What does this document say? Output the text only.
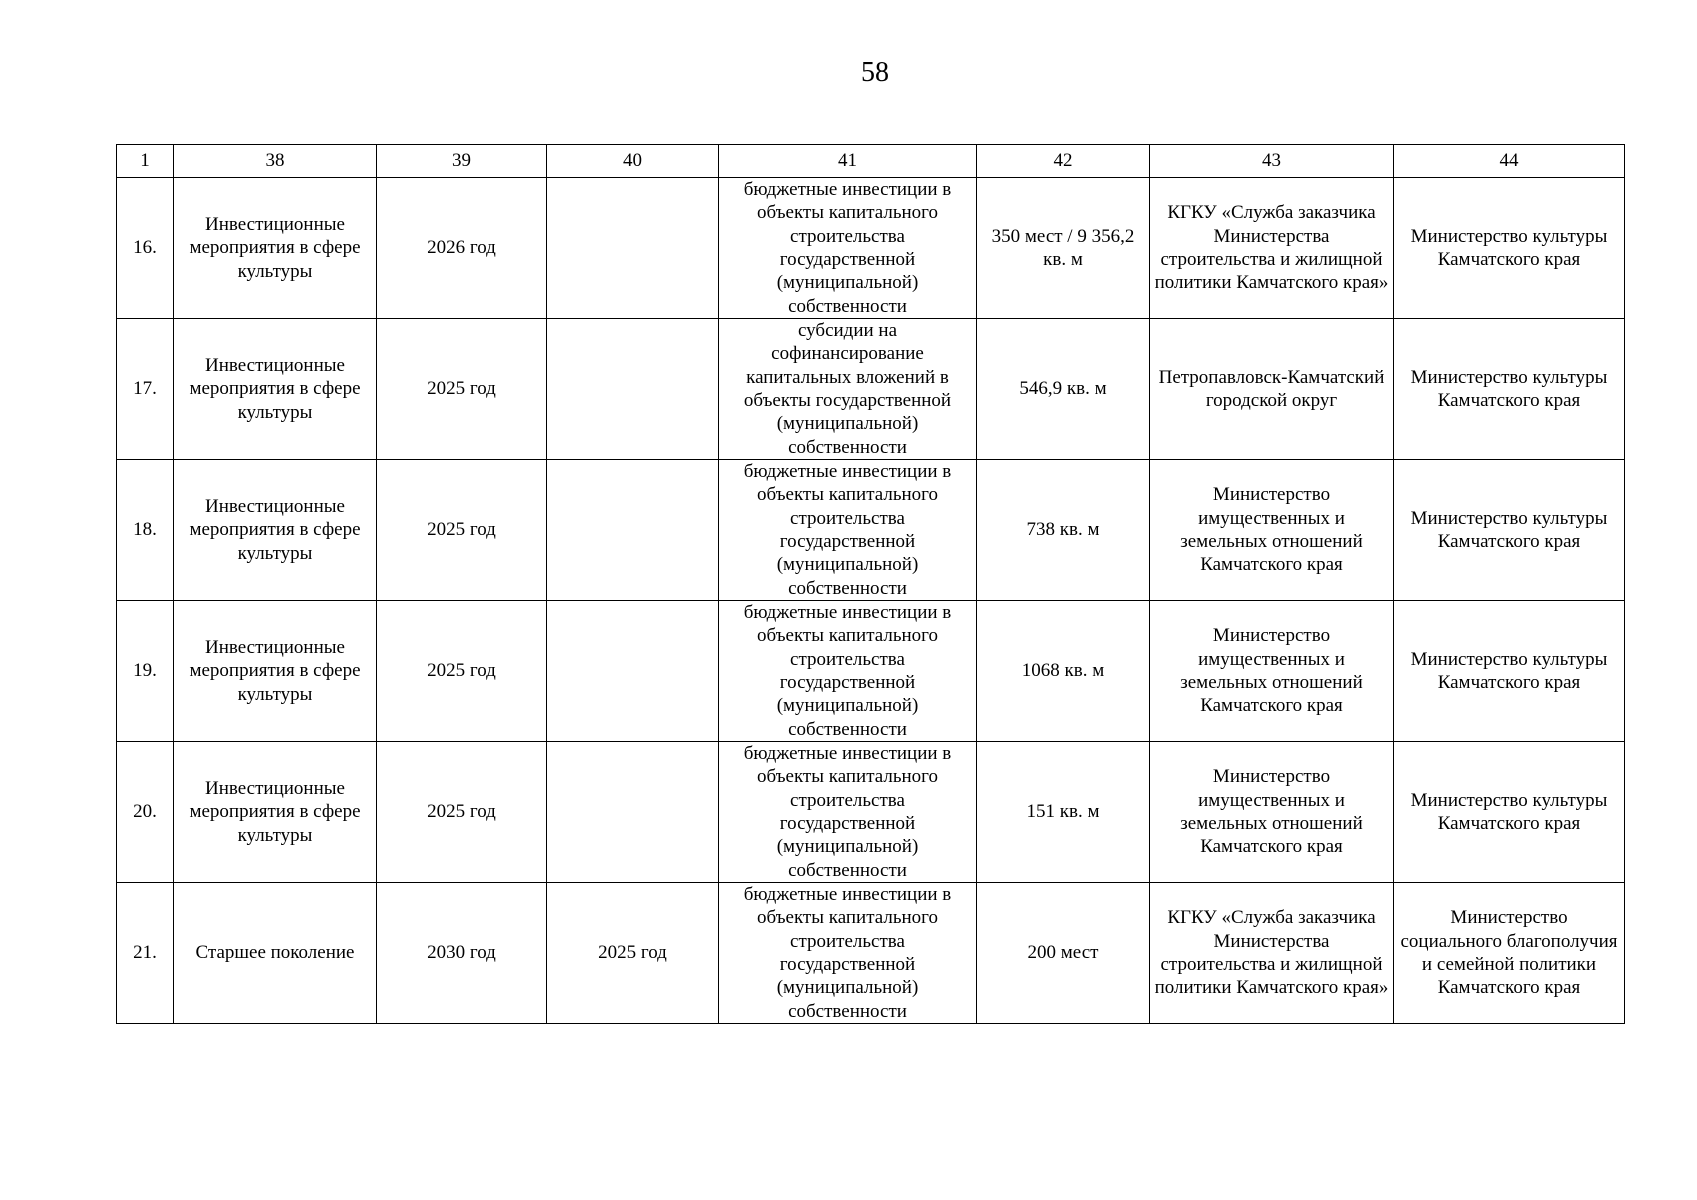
58
1	38	39	40	41	42	43	44
16.	Инвестиционные мероприятия в сфере культуры	2026 год		бюджетные инвестиции в объекты капитального строительства государственной (муниципальной) собственности	350 мест / 9 356,2 кв. м	КГКУ «Служба заказчика Министерства строительства и жилищной политики Камчатского края»	Министерство культуры Камчатского края
17.	Инвестиционные мероприятия в сфере культуры	2025 год		субсидии на софинансирование капитальных вложений в объекты государственной (муниципальной) собственности	546,9 кв. м	Петропавловск-Камчатский городской округ	Министерство культуры Камчатского края
18.	Инвестиционные мероприятия в сфере культуры	2025 год		бюджетные инвестиции в объекты капитального строительства государственной (муниципальной) собственности	738 кв. м	Министерство имущественных и земельных отношений Камчатского края	Министерство культуры Камчатского края
19.	Инвестиционные мероприятия в сфере культуры	2025 год		бюджетные инвестиции в объекты капитального строительства государственной (муниципальной) собственности	1068 кв. м	Министерство имущественных и земельных отношений Камчатского края	Министерство культуры Камчатского края
20.	Инвестиционные мероприятия в сфере культуры	2025 год		бюджетные инвестиции в объекты капитального строительства государственной (муниципальной) собственности	151 кв. м	Министерство имущественных и земельных отношений Камчатского края	Министерство культуры Камчатского края
21.	Старшее поколение	2030 год	2025 год	бюджетные инвестиции в объекты капитального строительства государственной (муниципальной) собственности	200 мест	КГКУ «Служба заказчика Министерства строительства и жилищной политики Камчатского края»	Министерство социального благополучия и семейной политики Камчатского края
